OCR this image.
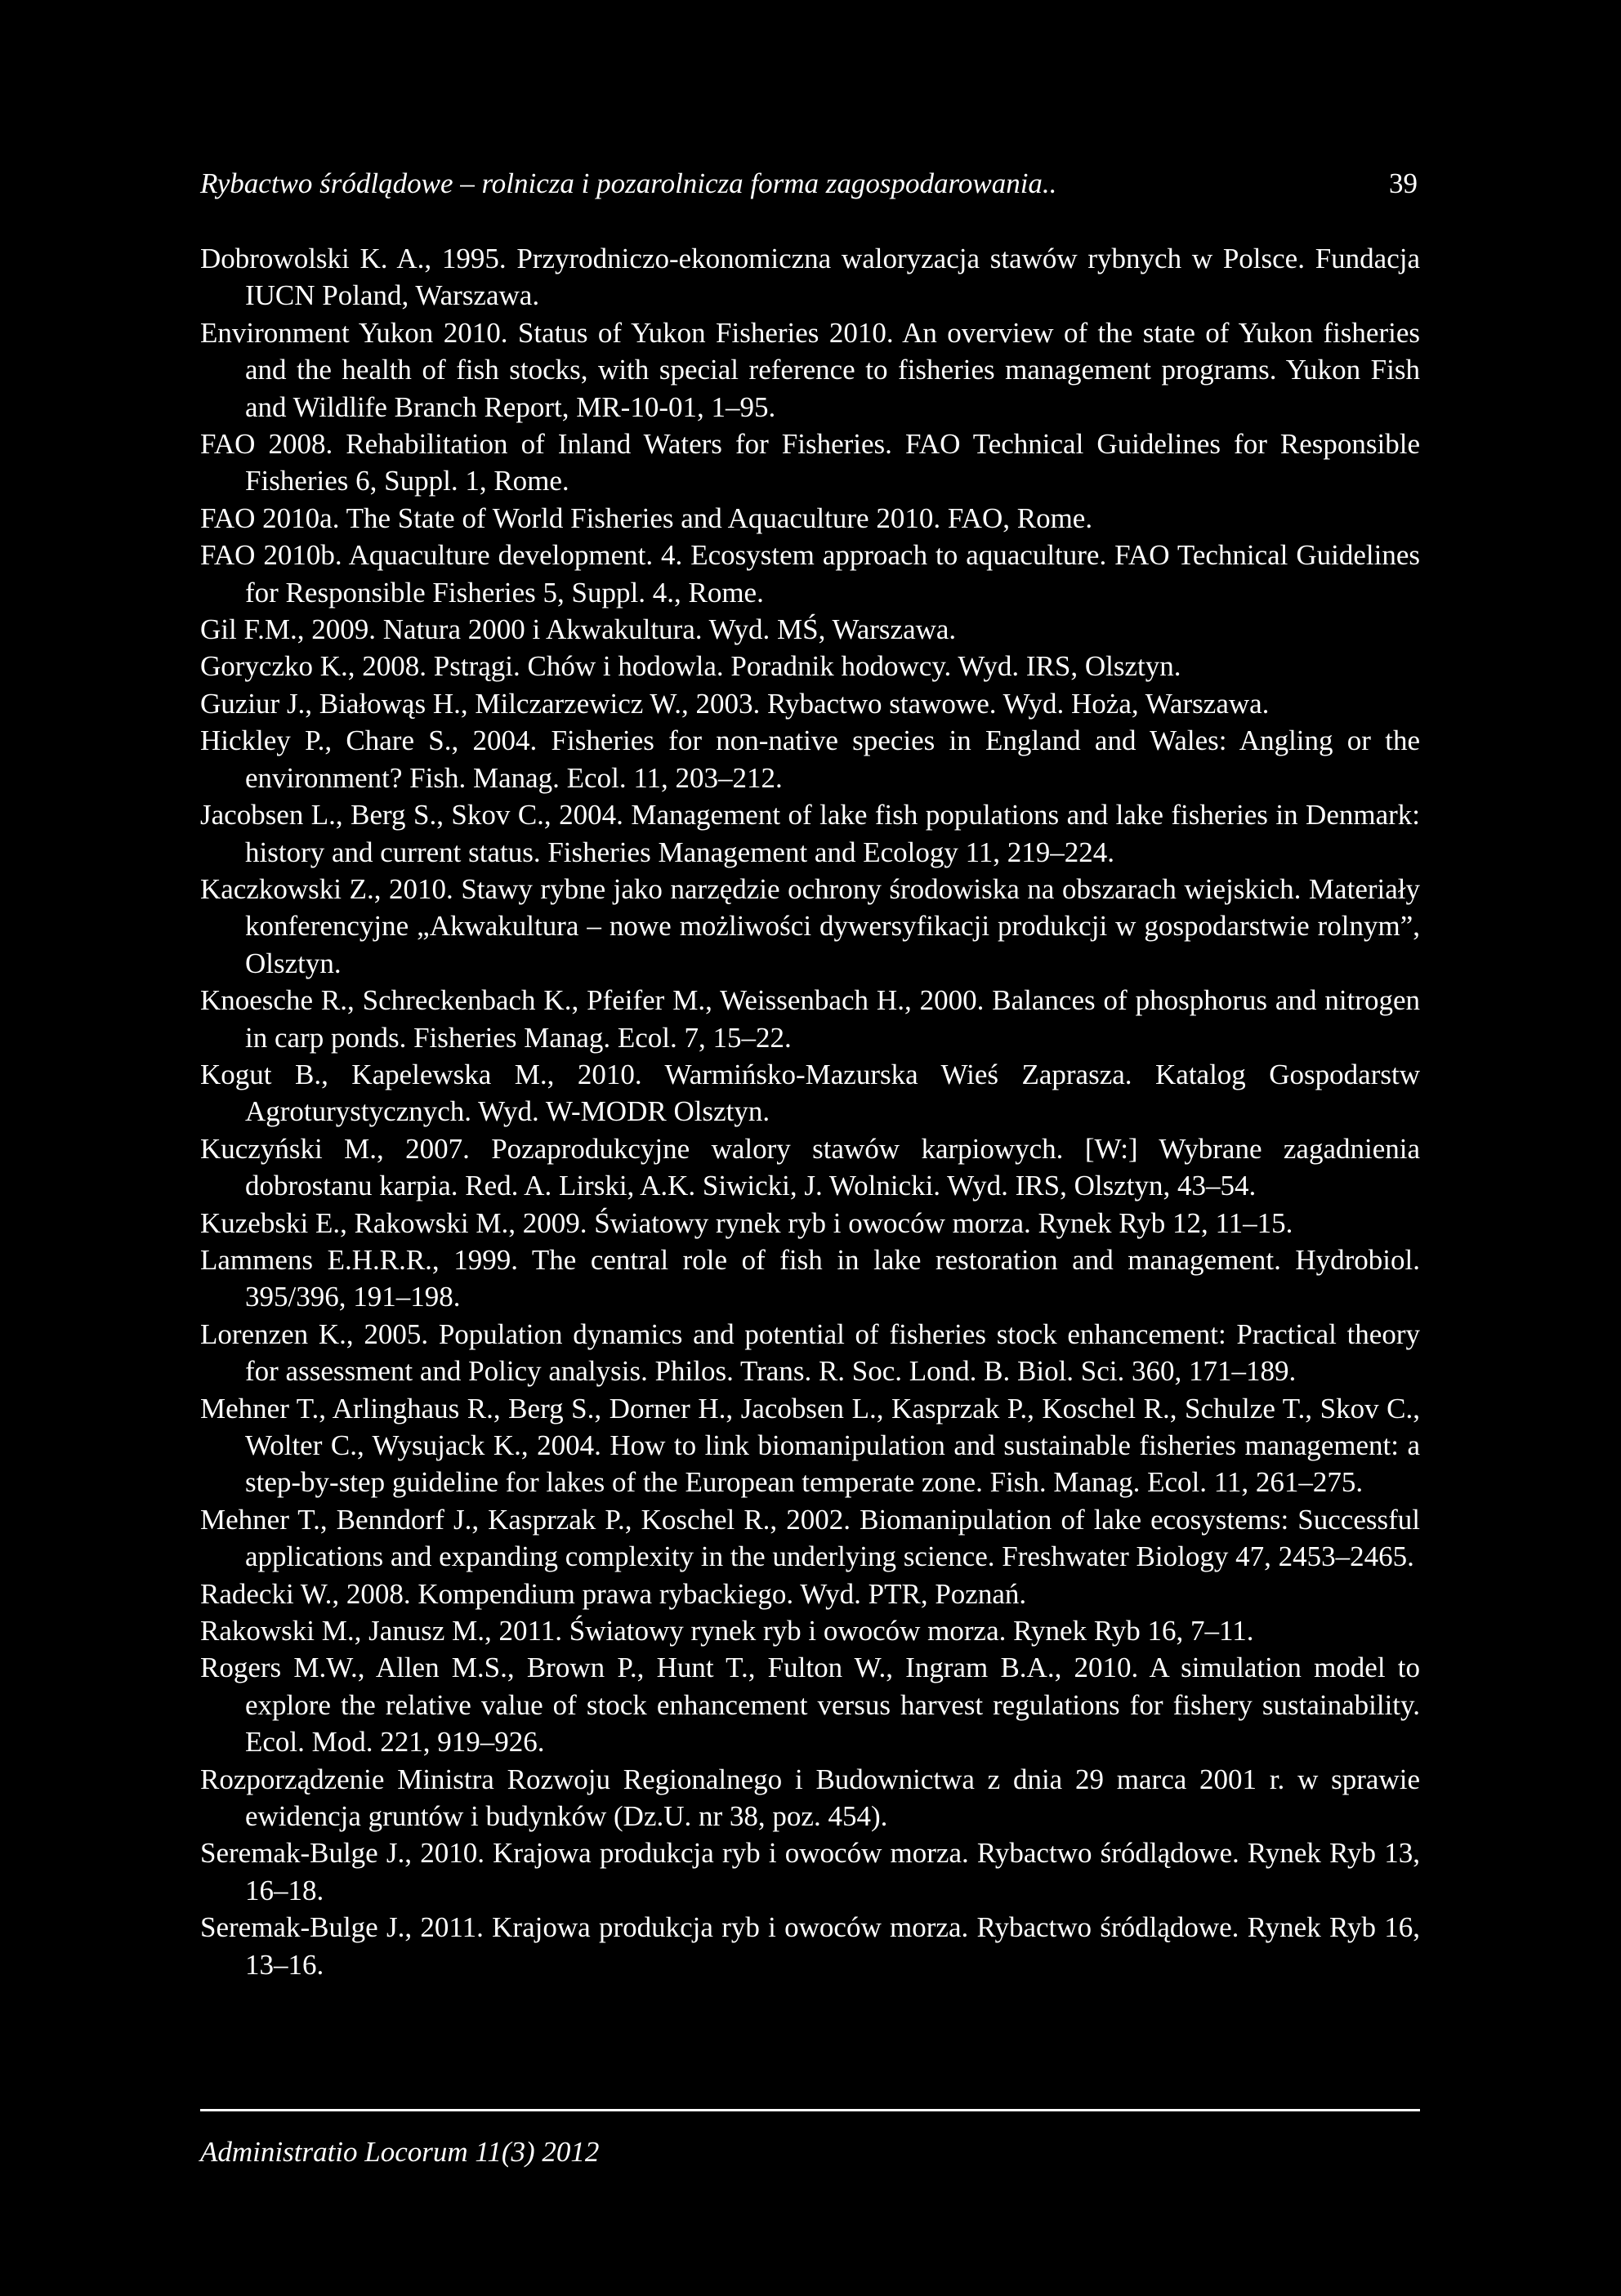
Rybactwo śródlądowe – rolnicza i pozarolnicza forma zagospodarowania..	39
Dobrowolski K. A., 1995. Przyrodniczo-ekonomiczna waloryzacja stawów rybnych w Polsce. Fundacja IUCN Poland, Warszawa.
Environment Yukon 2010. Status of Yukon Fisheries 2010. An overview of the state of Yukon fisheries and the health of fish stocks, with special reference to fisheries management programs. Yukon Fish and Wildlife Branch Report, MR-10-01, 1–95.
FAO 2008. Rehabilitation of Inland Waters for Fisheries. FAO Technical Guidelines for Responsible Fisheries 6, Suppl. 1, Rome.
FAO 2010a. The State of World Fisheries and Aquaculture 2010. FAO, Rome.
FAO 2010b. Aquaculture development. 4. Ecosystem approach to aquaculture. FAO Technical Guidelines for Responsible Fisheries 5, Suppl. 4., Rome.
Gil F.M., 2009. Natura 2000 i Akwakultura. Wyd. MŚ, Warszawa.
Goryczko K., 2008. Pstrągi. Chów i hodowla. Poradnik hodowcy. Wyd. IRS, Olsztyn.
Guziur J., Białowąs H., Milczarzewicz W., 2003. Rybactwo stawowe. Wyd. Hoża, Warszawa.
Hickley P., Chare S., 2004. Fisheries for non-native species in England and Wales: Angling or the environment? Fish. Manag. Ecol. 11, 203–212.
Jacobsen L., Berg S., Skov C., 2004. Management of lake fish populations and lake fisheries in Denmark: history and current status. Fisheries Management and Ecology 11, 219–224.
Kaczkowski Z., 2010. Stawy rybne jako narzędzie ochrony środowiska na obszarach wiejskich. Materiały konferencyjne „Akwakultura – nowe możliwości dywersyfikacji produkcji w gospodarstwie rolnym”, Olsztyn.
Knoesche R., Schreckenbach K., Pfeifer M., Weissenbach H., 2000. Balances of phosphorus and nitrogen in carp ponds. Fisheries Manag. Ecol. 7, 15–22.
Kogut B., Kapelewska M., 2010. Warmińsko-Mazurska Wieś Zaprasza. Katalog Gospodarstw Agroturystycznych. Wyd. W-MODR Olsztyn.
Kuczyński M., 2007. Pozaprodukcyjne walory stawów karpiowych. [W:] Wybrane zagadnienia dobrostanu karpia. Red. A. Lirski, A.K. Siwicki, J. Wolnicki. Wyd. IRS, Olsztyn, 43–54.
Kuzebski E., Rakowski M., 2009. Światowy rynek ryb i owoców morza. Rynek Ryb 12, 11–15.
Lammens E.H.R.R., 1999. The central role of fish in lake restoration and management. Hydrobiol. 395/396, 191–198.
Lorenzen K., 2005. Population dynamics and potential of fisheries stock enhancement: Practical theory for assessment and Policy analysis. Philos. Trans. R. Soc. Lond. B. Biol. Sci. 360, 171–189.
Mehner T., Arlinghaus R., Berg S., Dorner H., Jacobsen L., Kasprzak P., Koschel R., Schulze T., Skov C., Wolter C., Wysujack K., 2004. How to link biomanipulation and sustainable fisheries management: a step-by-step guideline for lakes of the European temperate zone. Fish. Manag. Ecol. 11, 261–275.
Mehner T., Benndorf J., Kasprzak P., Koschel R., 2002. Biomanipulation of lake ecosystems: Successful applications and expanding complexity in the underlying science. Freshwater Biology 47, 2453–2465.
Radecki W., 2008. Kompendium prawa rybackiego. Wyd. PTR, Poznań.
Rakowski M., Janusz M., 2011. Światowy rynek ryb i owoców morza. Rynek Ryb 16, 7–11.
Rogers M.W., Allen M.S., Brown P., Hunt T., Fulton W., Ingram B.A., 2010. A simulation model to explore the relative value of stock enhancement versus harvest regulations for fishery sustainability. Ecol. Mod. 221, 919–926.
Rozporządzenie Ministra Rozwoju Regionalnego i Budownictwa z dnia 29 marca 2001 r. w sprawie ewidencja gruntów i budynków (Dz.U. nr 38, poz. 454).
Seremak-Bulge J., 2010. Krajowa produkcja ryb i owoców morza. Rybactwo śródlądowe. Rynek Ryb 13, 16–18.
Seremak-Bulge J., 2011. Krajowa produkcja ryb i owoców morza. Rybactwo śródlądowe. Rynek Ryb 16, 13–16.
Administratio Locorum 11(3) 2012
